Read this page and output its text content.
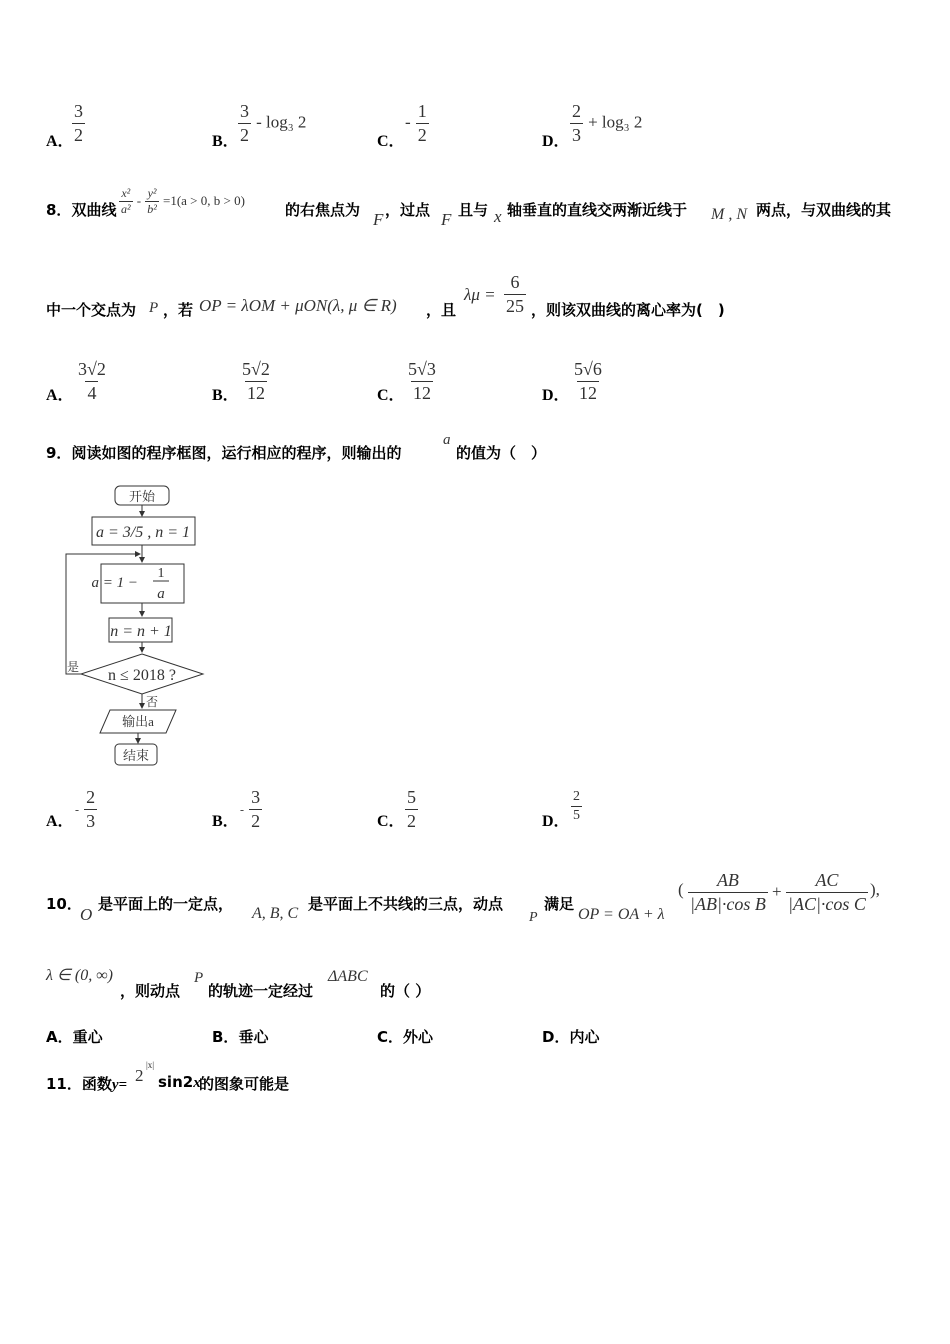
A．
$\frac{3}{2}$	B． $\frac{3}{2} - \log_3$ 2
C．
- $\frac{1}{2}$	D． $\frac{2}{3} + \log_3$ 2
8．双曲线 $\frac{\text{x²}}{\text{a²}} - \frac{\text{y²}}{\text{b²}} =1(a > 0$, b > 0)
的右焦点为 F ，过点 F 且与 x 轴垂直的直线交两渐近线于 M , N 两点，与双曲线的其
中一个交点为 P ，若 OP = λOM + μON(λ, μ ∈ R) ，且
$\lambda\mu = \frac{6}{25}$ ，则该双曲线的离心率为(　)
A． $\frac{3√2}{4}$	B． $\frac{5√2}{12}$	C． $\frac{5√3}{12}$	D． $\frac{5√6}{12}$
9．阅读如图的程序框图，运行相应的程序，则输出的
a
的值为（　）
开始
a = 3/5 , n = 1
a = 1 −
1
a
n = n + 1
n ≤ 2018 ?
是
否
输出a
结束
A．
- $\frac{2}{3}$	B．
- $\frac{3}{2}$	C． $\frac{5}{2}$	D． $\frac{2}{5}$
10．
O
是平面上的一定点，
A, B, C
是平面上不共线的三点，动点
P
满足
OP = OA + λ
( $\frac{AB}{\text{|AB|·cos B}} + \frac{AC}{\text{|AC|·cos C}}$ ),
λ ∈ (0, ∞)
，则动点
P
的轨迹一定经过
ΔABC
的（ ）
A．重心	B．垂心	C．外心	D．内心
11．函数y= 2
|x|
sin2x
的图象可能是
